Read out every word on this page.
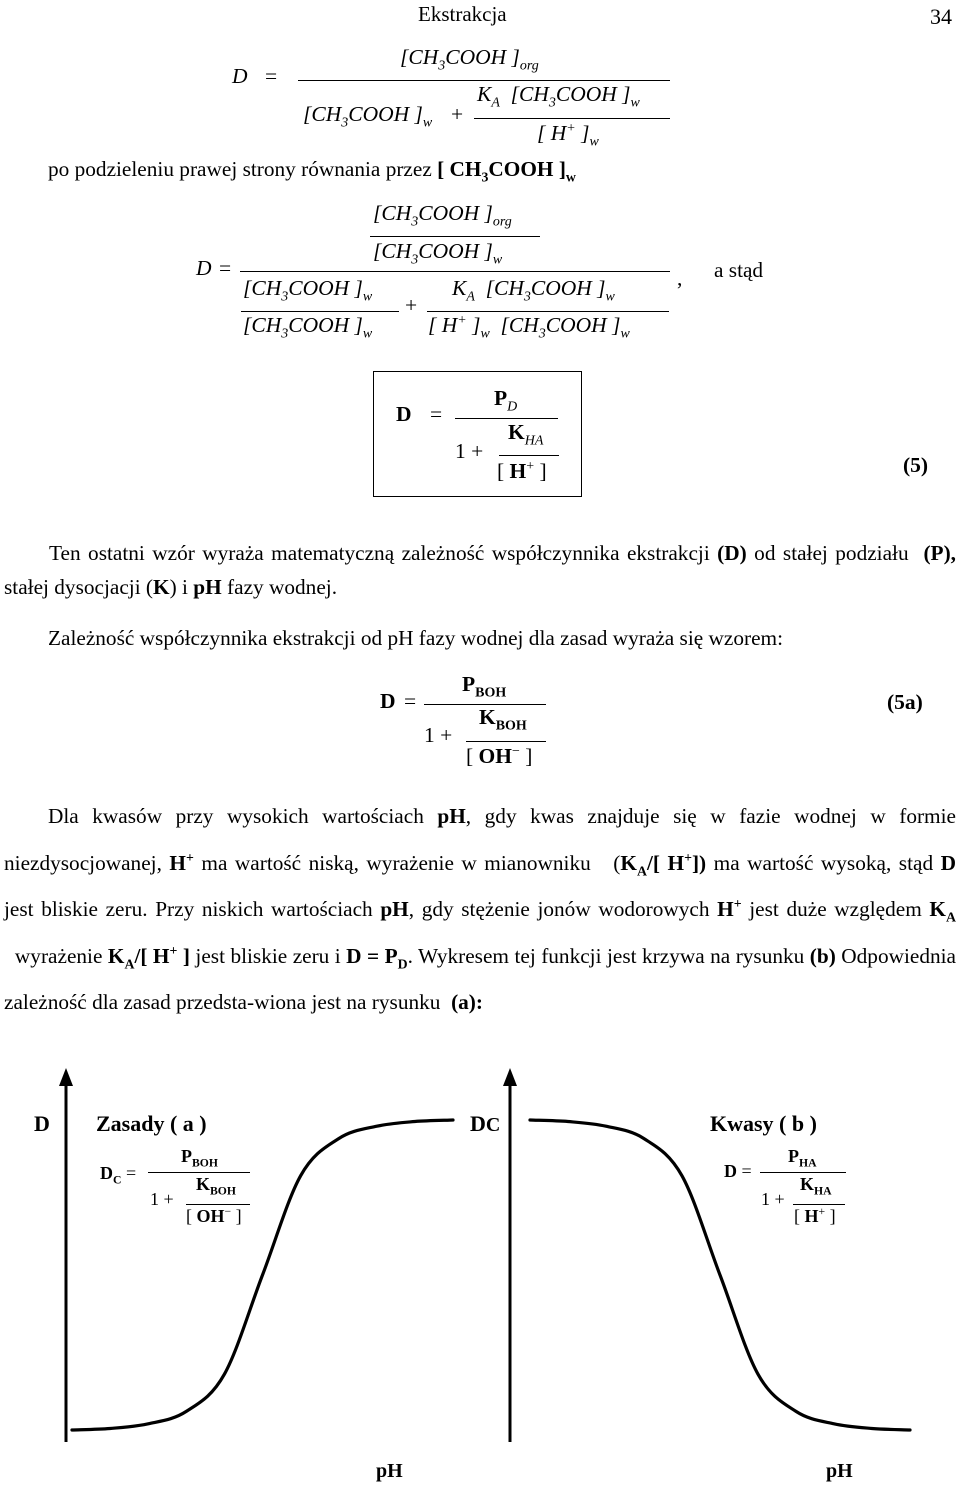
Ekstrakcja	34
D =
[$CH_3COOH$ ]$_{org}$
[$CH_3COOH$ ]$_w$ +
$K_A$  [$CH_3COOH$ ]$_w$
[ H+ ]$_w$
po podzieleniu prawej strony równania przez [ $CH_3COOH$ ]$_w$
D =
[$CH_3COOH$ ]$_{org}$
[$CH_3COOH$ ]$_w$
[$CH_3COOH$ ]$_w$
[$CH_3COOH$ ]$_w$
+
$K_A$  [$CH_3COOH$ ]$_w$
[ H+ ]$_w$  [$CH_3COOH$ ]$_w$
, a stąd
D =
$P_D$
1 +
$K_{HA}$
[ H+ ]	(5)
Ten ostatni wzór wyraża matematyczną zależność współczynnika ekstrakcji (D) od stałej podziału  (P), stałej dysocjacji (K) i pH fazy wodnej.
Zależność współczynnika ekstrakcji od pH fazy wodnej dla zasad wyraża się wzorem:
D =
$P_{BOH}$
1 +
$K_{BOH}$
[ OH− ]
(5a)
Dla kwasów przy wysokich wartościach pH, gdy kwas znajduje się w fazie wodnej w formie niezdysocjowanej, H+ ma wartość niską, wyrażenie w mianowniku   ($K_A/$[ H+]) ma wartość wysoką, stąd D jest bliskie zeru. Przy niskich wartościach pH, gdy stężenie jonów wodorowych H+ jest duże względem $K_A$   wyrażenie $K_A/$[ H+ ] jest bliskie zeru i $D = P_D$. Wykresem tej funkcji jest krzywa na rysunku (b) Odpowiednia zależność dla zasad przedsta-wiona jest na rysunku  (a):
D Zasady ( a )
$D_C$ =
$P_{BOH}$
1 +
$K_{BOH}$
[ OH− ]
pH
DC	Kwasy ( b )
D =
$P_{HA}$
1 +
$K_{HA}$
[ H+ ]
pH
